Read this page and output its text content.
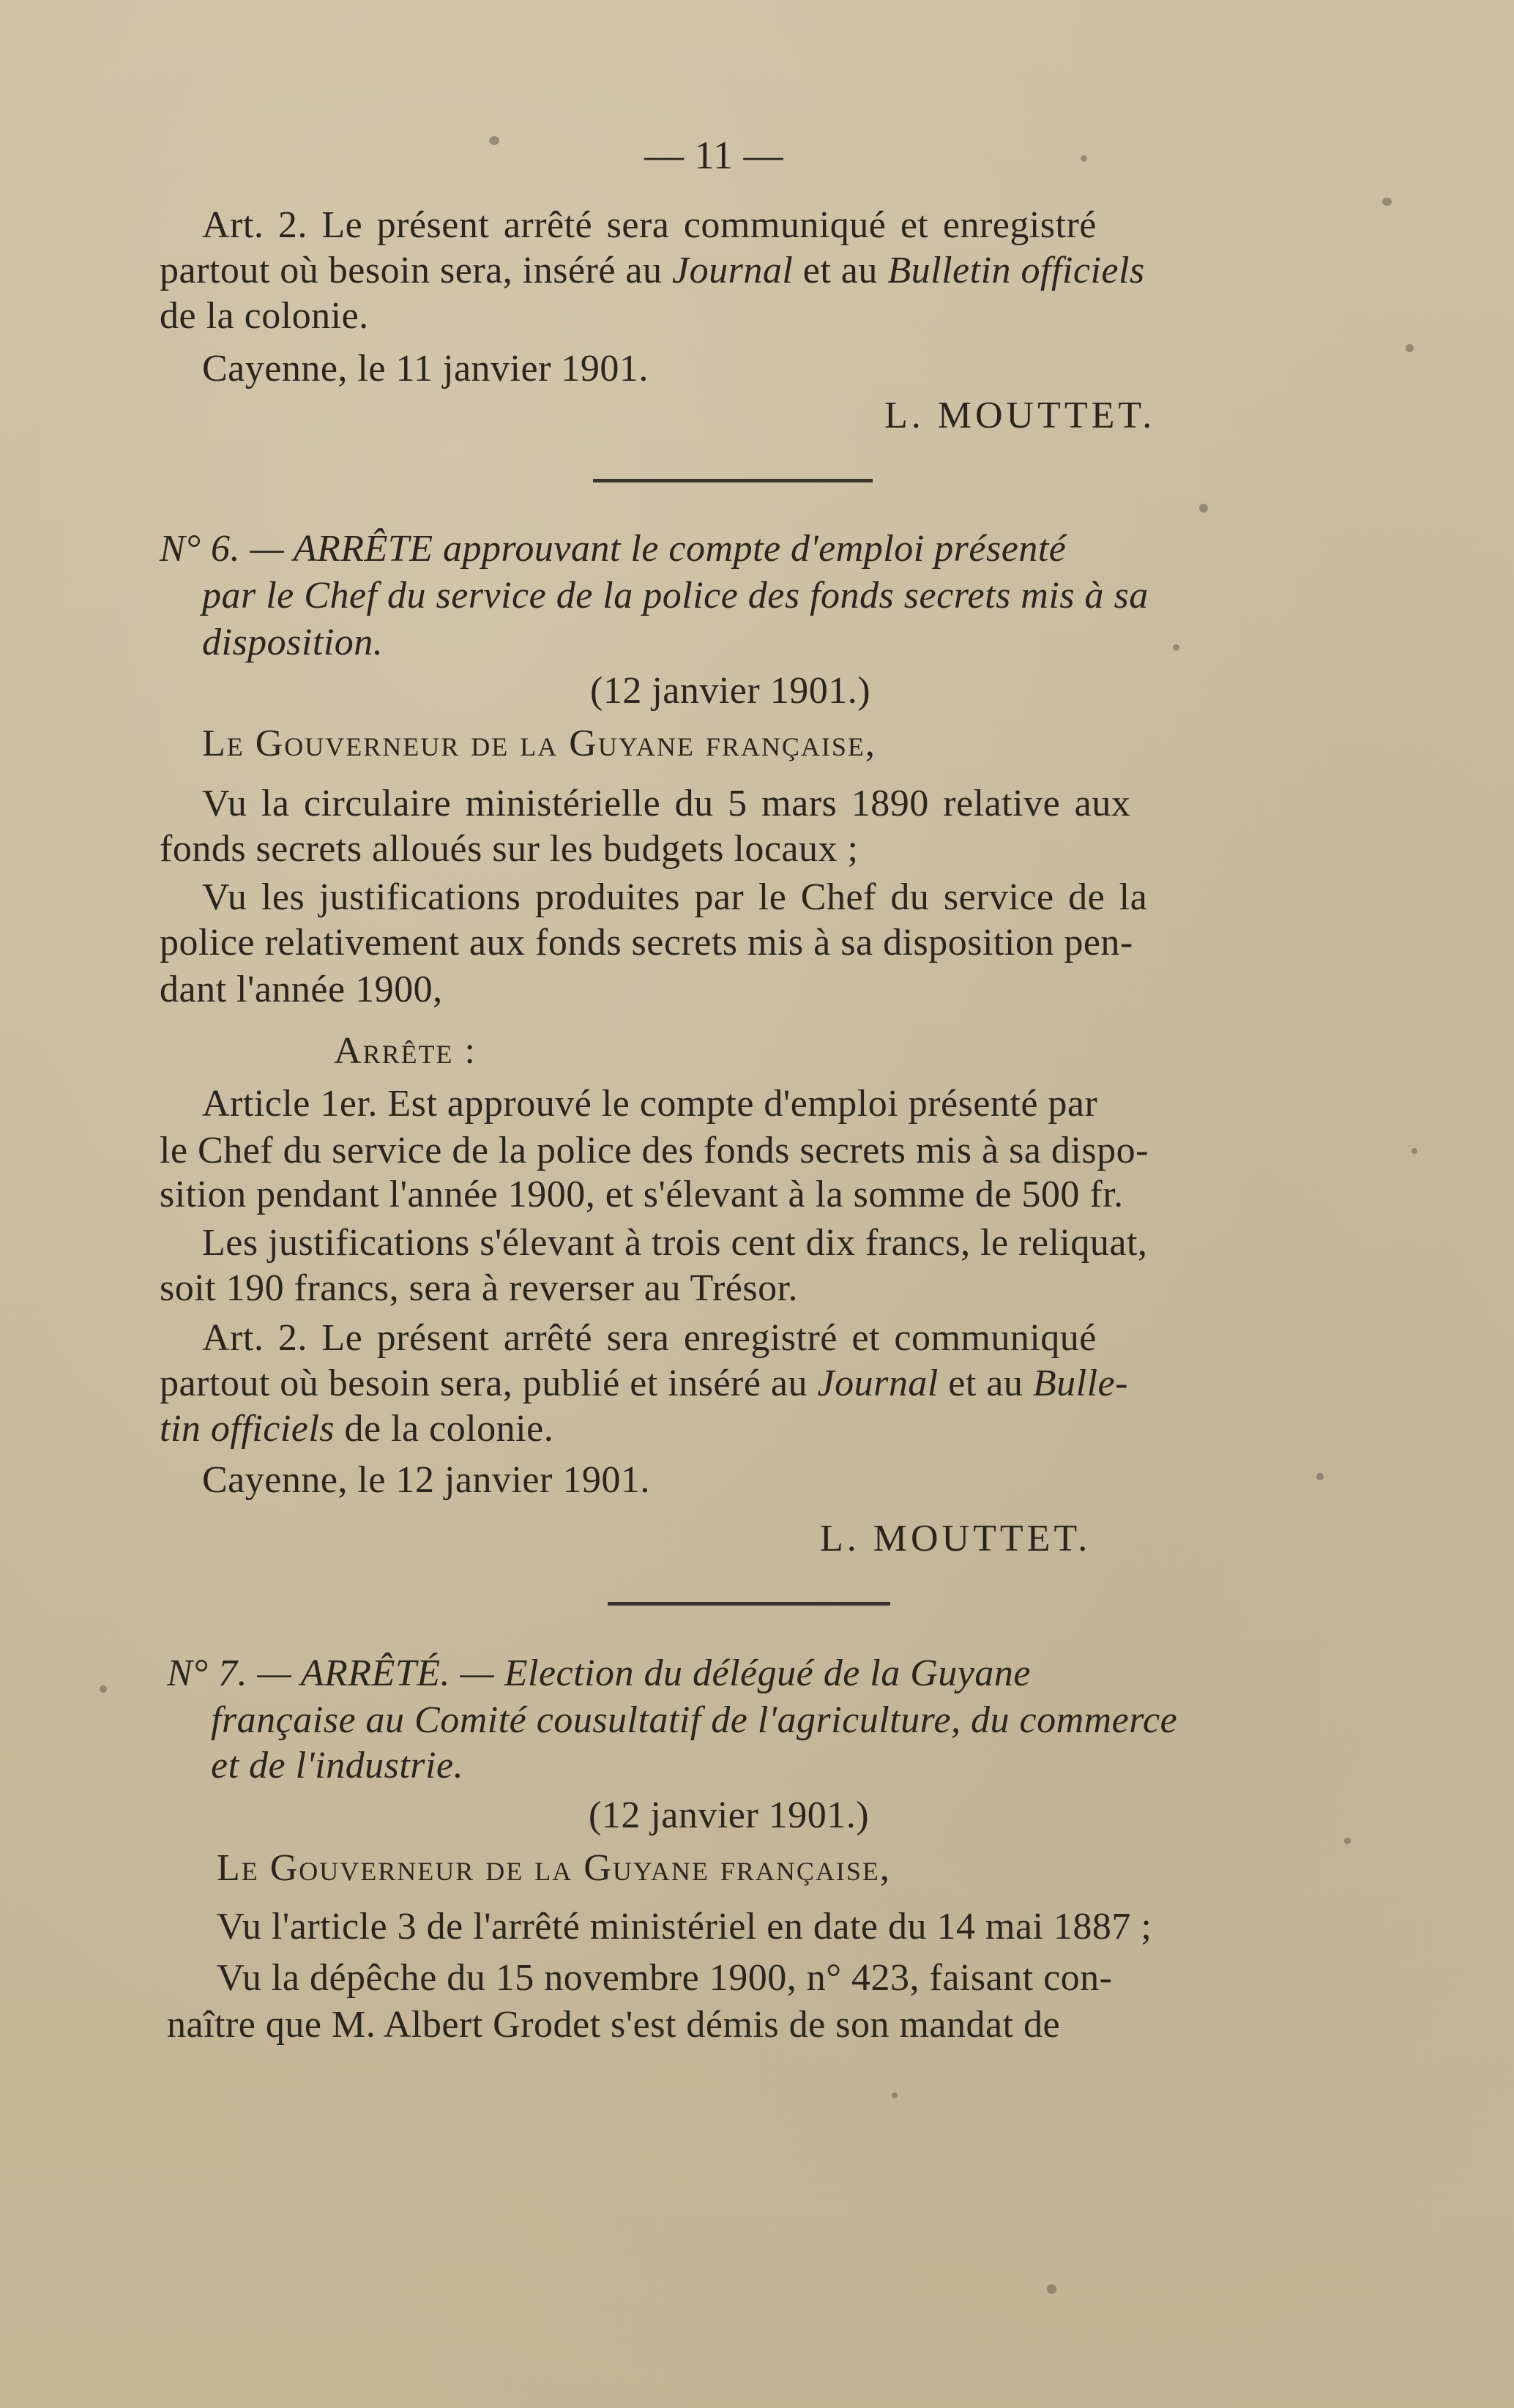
— 11 —
Art. 2. Le présent arrêté sera communiqué et enregistré
partout où besoin sera, inséré au Journal et au Bulletin officiels
de la colonie.
Cayenne, le 11 janvier 1901.
L. MOUTTET.
N° 6. — ARRÊTE approuvant le compte d'emploi présenté
par le Chef du service de la police des fonds secrets mis à sa
disposition.
(12 janvier 1901.)
Le Gouverneur de la Guyane française,
Vu la circulaire ministérielle du 5 mars 1890 relative aux
fonds secrets alloués sur les budgets locaux ;
Vu les justifications produites par le Chef du service de la
police relativement aux fonds secrets mis à sa disposition pen-
dant l'année 1900,
Arrête :
Article 1er. Est approuvé le compte d'emploi présenté par
le Chef du service de la police des fonds secrets mis à sa dispo-
sition pendant l'année 1900, et s'élevant à la somme de 500 fr.
Les justifications s'élevant à trois cent dix francs, le reliquat,
soit 190 francs, sera à reverser au Trésor.
Art. 2. Le présent arrêté sera enregistré et communiqué
partout où besoin sera, publié et inséré au Journal et au Bulle-
tin officiels de la colonie.
Cayenne, le 12 janvier 1901.
L. MOUTTET.
N° 7. — ARRÊTÉ. — Election du délégué de la Guyane
française au Comité cousultatif de l'agriculture, du commerce
et de l'industrie.
(12 janvier 1901.)
Le Gouverneur de la Guyane française,
Vu l'article 3 de l'arrêté ministériel en date du 14 mai 1887 ;
Vu la dépêche du 15 novembre 1900, n° 423, faisant con-
naître que M. Albert Grodet s'est démis de son mandat de
